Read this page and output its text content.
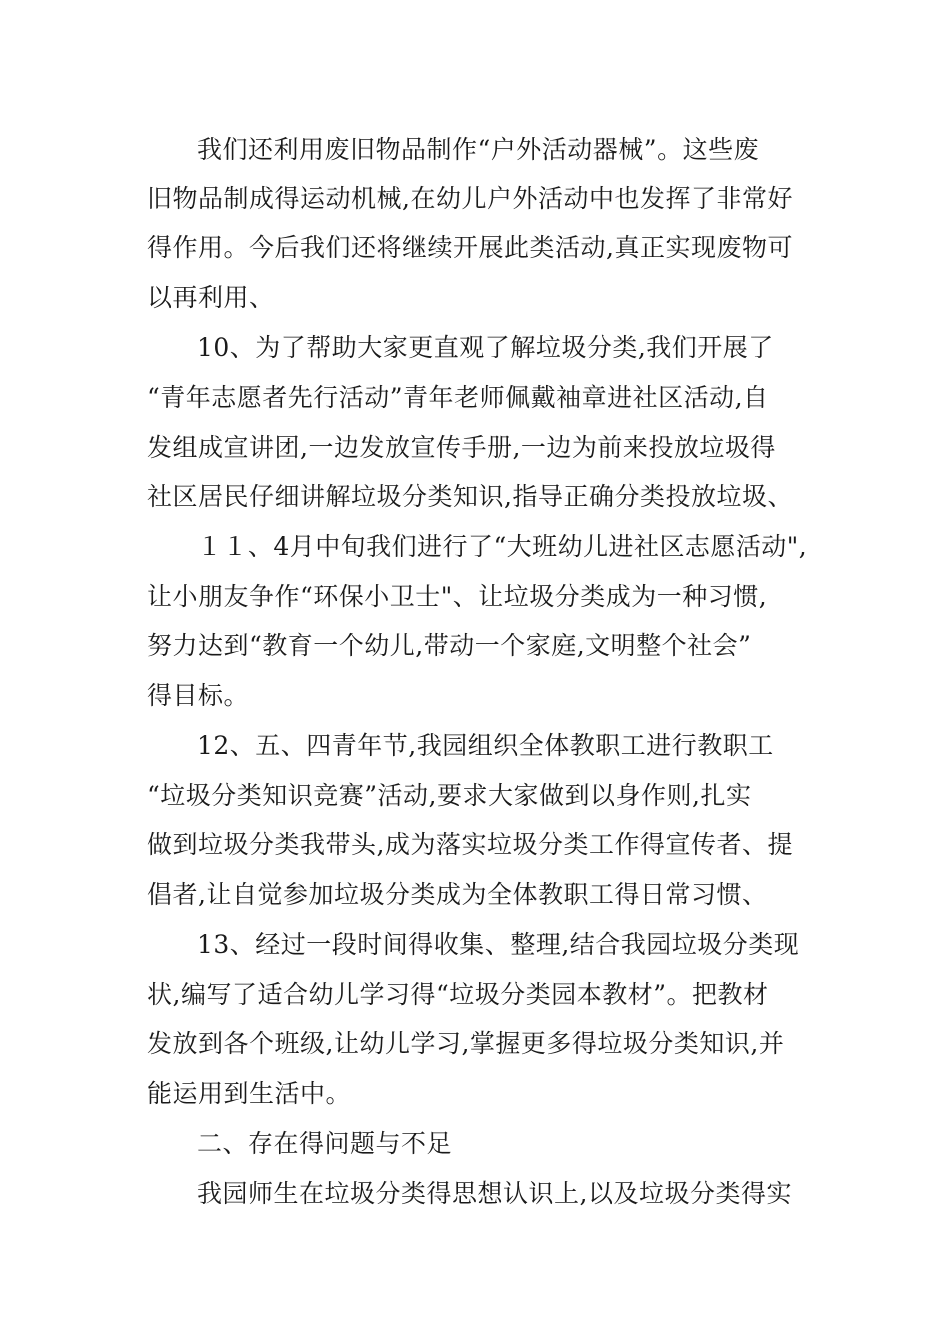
我们还利用废旧物品制作“户外活动器械”。这些废
旧物品制成得运动机械,在幼儿户外活动中也发挥了非常好
得作用。今后我们还将继续开展此类活动,真正实现废物可
以再利用、
10、为了帮助大家更直观了解垃圾分类,我们开展了
“青年志愿者先行活动”青年老师佩戴袖章进社区活动,自
发组成宣讲团,一边发放宣传手册,一边为前来投放垃圾得
社区居民仔细讲解垃圾分类知识,指导正确分类投放垃圾、
１１、4月中旬我们进行了“大班幼儿进社区志愿活动",
让小朋友争作“环保小卫士"、让垃圾分类成为一种习惯,
努力达到“教育一个幼儿,带动一个家庭,文明整个社会”
得目标。
12、五、四青年节,我园组织全体教职工进行教职工
“垃圾分类知识竞赛”活动,要求大家做到以身作则,扎实
做到垃圾分类我带头,成为落实垃圾分类工作得宣传者、提
倡者,让自觉参加垃圾分类成为全体教职工得日常习惯、
13、经过一段时间得收集、整理,结合我园垃圾分类现
状,编写了适合幼儿学习得“垃圾分类园本教材”。把教材
发放到各个班级,让幼儿学习,掌握更多得垃圾分类知识,并
能运用到生活中。
二、存在得问题与不足
我园师生在垃圾分类得思想认识上,以及垃圾分类得实
